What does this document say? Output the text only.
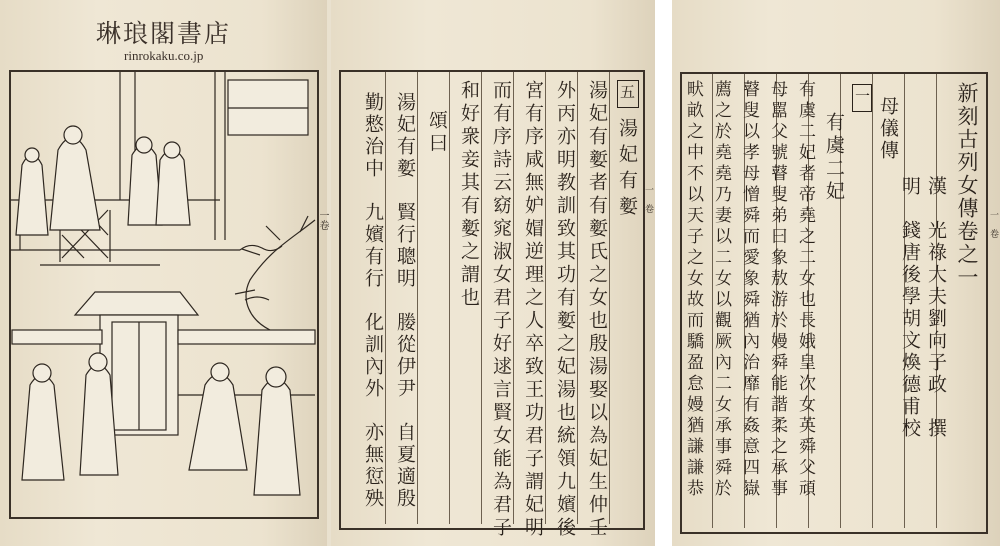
一卷
五
湯妃有㜪
湯妃有㜪者有㜪氏之女也殷湯娶以為妃生仲壬
外丙亦明教訓致其功有㜪之妃湯也統領九嬪後
宮有序咸無妒媢逆理之人卒致王功君子謂妃明
而有序詩云窈窕淑女君子好逑言賢女能為君子
和好衆妾其有㜪之謂也
頌曰
湯妃有㜪　賢行聰明　媵從伊尹　自夏適殷
勤慗治中　九嬪有行　化訓內外　亦無愆殃	一 卷	新刻古列女傳卷之一
漢　光祿大夫劉向子政　撰
明　錢唐後學胡文煥德甫校
母儀傳
一
有虞二妃者帝堯之二女也長娥皇次女英舜父頑
母嚚父號瞽叟弟曰象敖游於嫚舜能諧柔之承事
瞽叟以孝母憎舜而愛象舜猶內治靡有姦意四嶽
薦之於堯堯乃妻以二女以觀厥內二女承事舜於
畎畝之中不以天子之女故而驕盈怠嫚猶謙謙恭	一 卷
有虞二妃
琳琅閣書店
rinrokaku.co.jp
